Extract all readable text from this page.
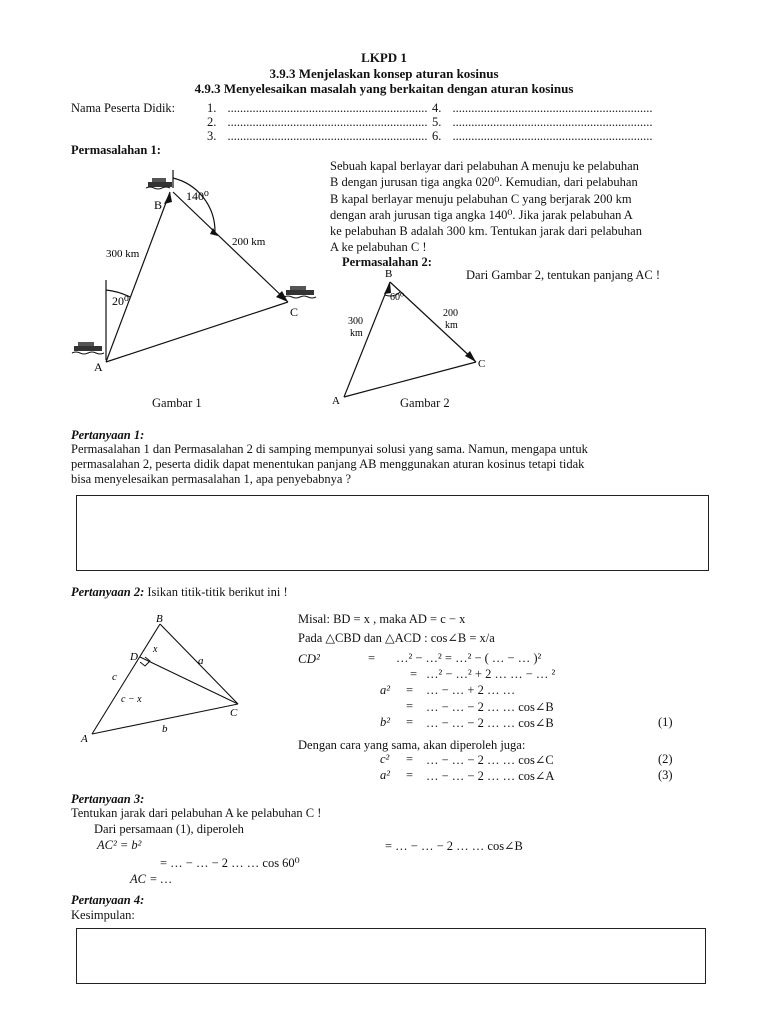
LKPD 1
3.9.3 Menjelaskan konsep aturan kosinus
4.9.3 Menyelesaikan masalah yang berkaitan dengan aturan kosinus
Nama Peserta Didik:	1. ................................................................
2. ................................................................
3. ................................................................
4. ................................................................
5. ................................................................
6. ................................................................
Permasalahan 1:
Sebuah kapal berlayar dari pelabuhan A menuju ke pelabuhan
B dengan jurusan tiga angka 020⁰. Kemudian, dari pelabuhan
B kapal berlayar menuju pelabuhan C yang berjarak 200 km
dengan arah jurusan tiga angka 140⁰. Jika jarak pelabuhan A
ke pelabuhan B adalah 300 km. Tentukan jarak dari pelabuhan
A ke pelabuhan C !
140⁰
20⁰
300 km
200 km
B
C
A
Gambar 1
Permasalahan 2:
Dari Gambar 2, tentukan panjang AC !
B
60⁰
300
km
200
km
C
A	Gambar 2
Pertanyaan 1:
Permasalahan 1 dan Permasalahan 2 di samping mempunyai solusi yang sama. Namun, mengapa untuk
permasalahan 2, peserta didik dapat menentukan panjang AB menggunakan aturan kosinus tetapi tidak
bisa menyelesaikan permasalahan 1, apa penyebabnya ?
Pertanyaan 2: Isikan titik-titik berikut ini !
B
D
x
a
c
c − x
b
A
C
Misal: BD = x , maka AD = c − x
Pada △CBD dan △ACD : cos∠B = x/a
CD²	= …² − …² = …² − ( … − … )²
= …² − …² + 2 … … − … ²
a² = … − … + 2 … …
= … − … − 2 … … cos∠B
b² = … − … − 2 … … cos∠B	(1)
Dengan cara yang sama, akan diperoleh juga:
c² = … − … − 2 … … cos∠C	(2)
a² = … − … − 2 … … cos∠A	(3)
Pertanyaan 3:
Tentukan jarak dari pelabuhan A ke pelabuhan C !
Dari persamaan (1), diperoleh
AC² = b²	= … − … − 2 … … cos∠B
= … − … − 2 … … cos 60⁰
AC = …
Pertanyaan 4:
Kesimpulan:
